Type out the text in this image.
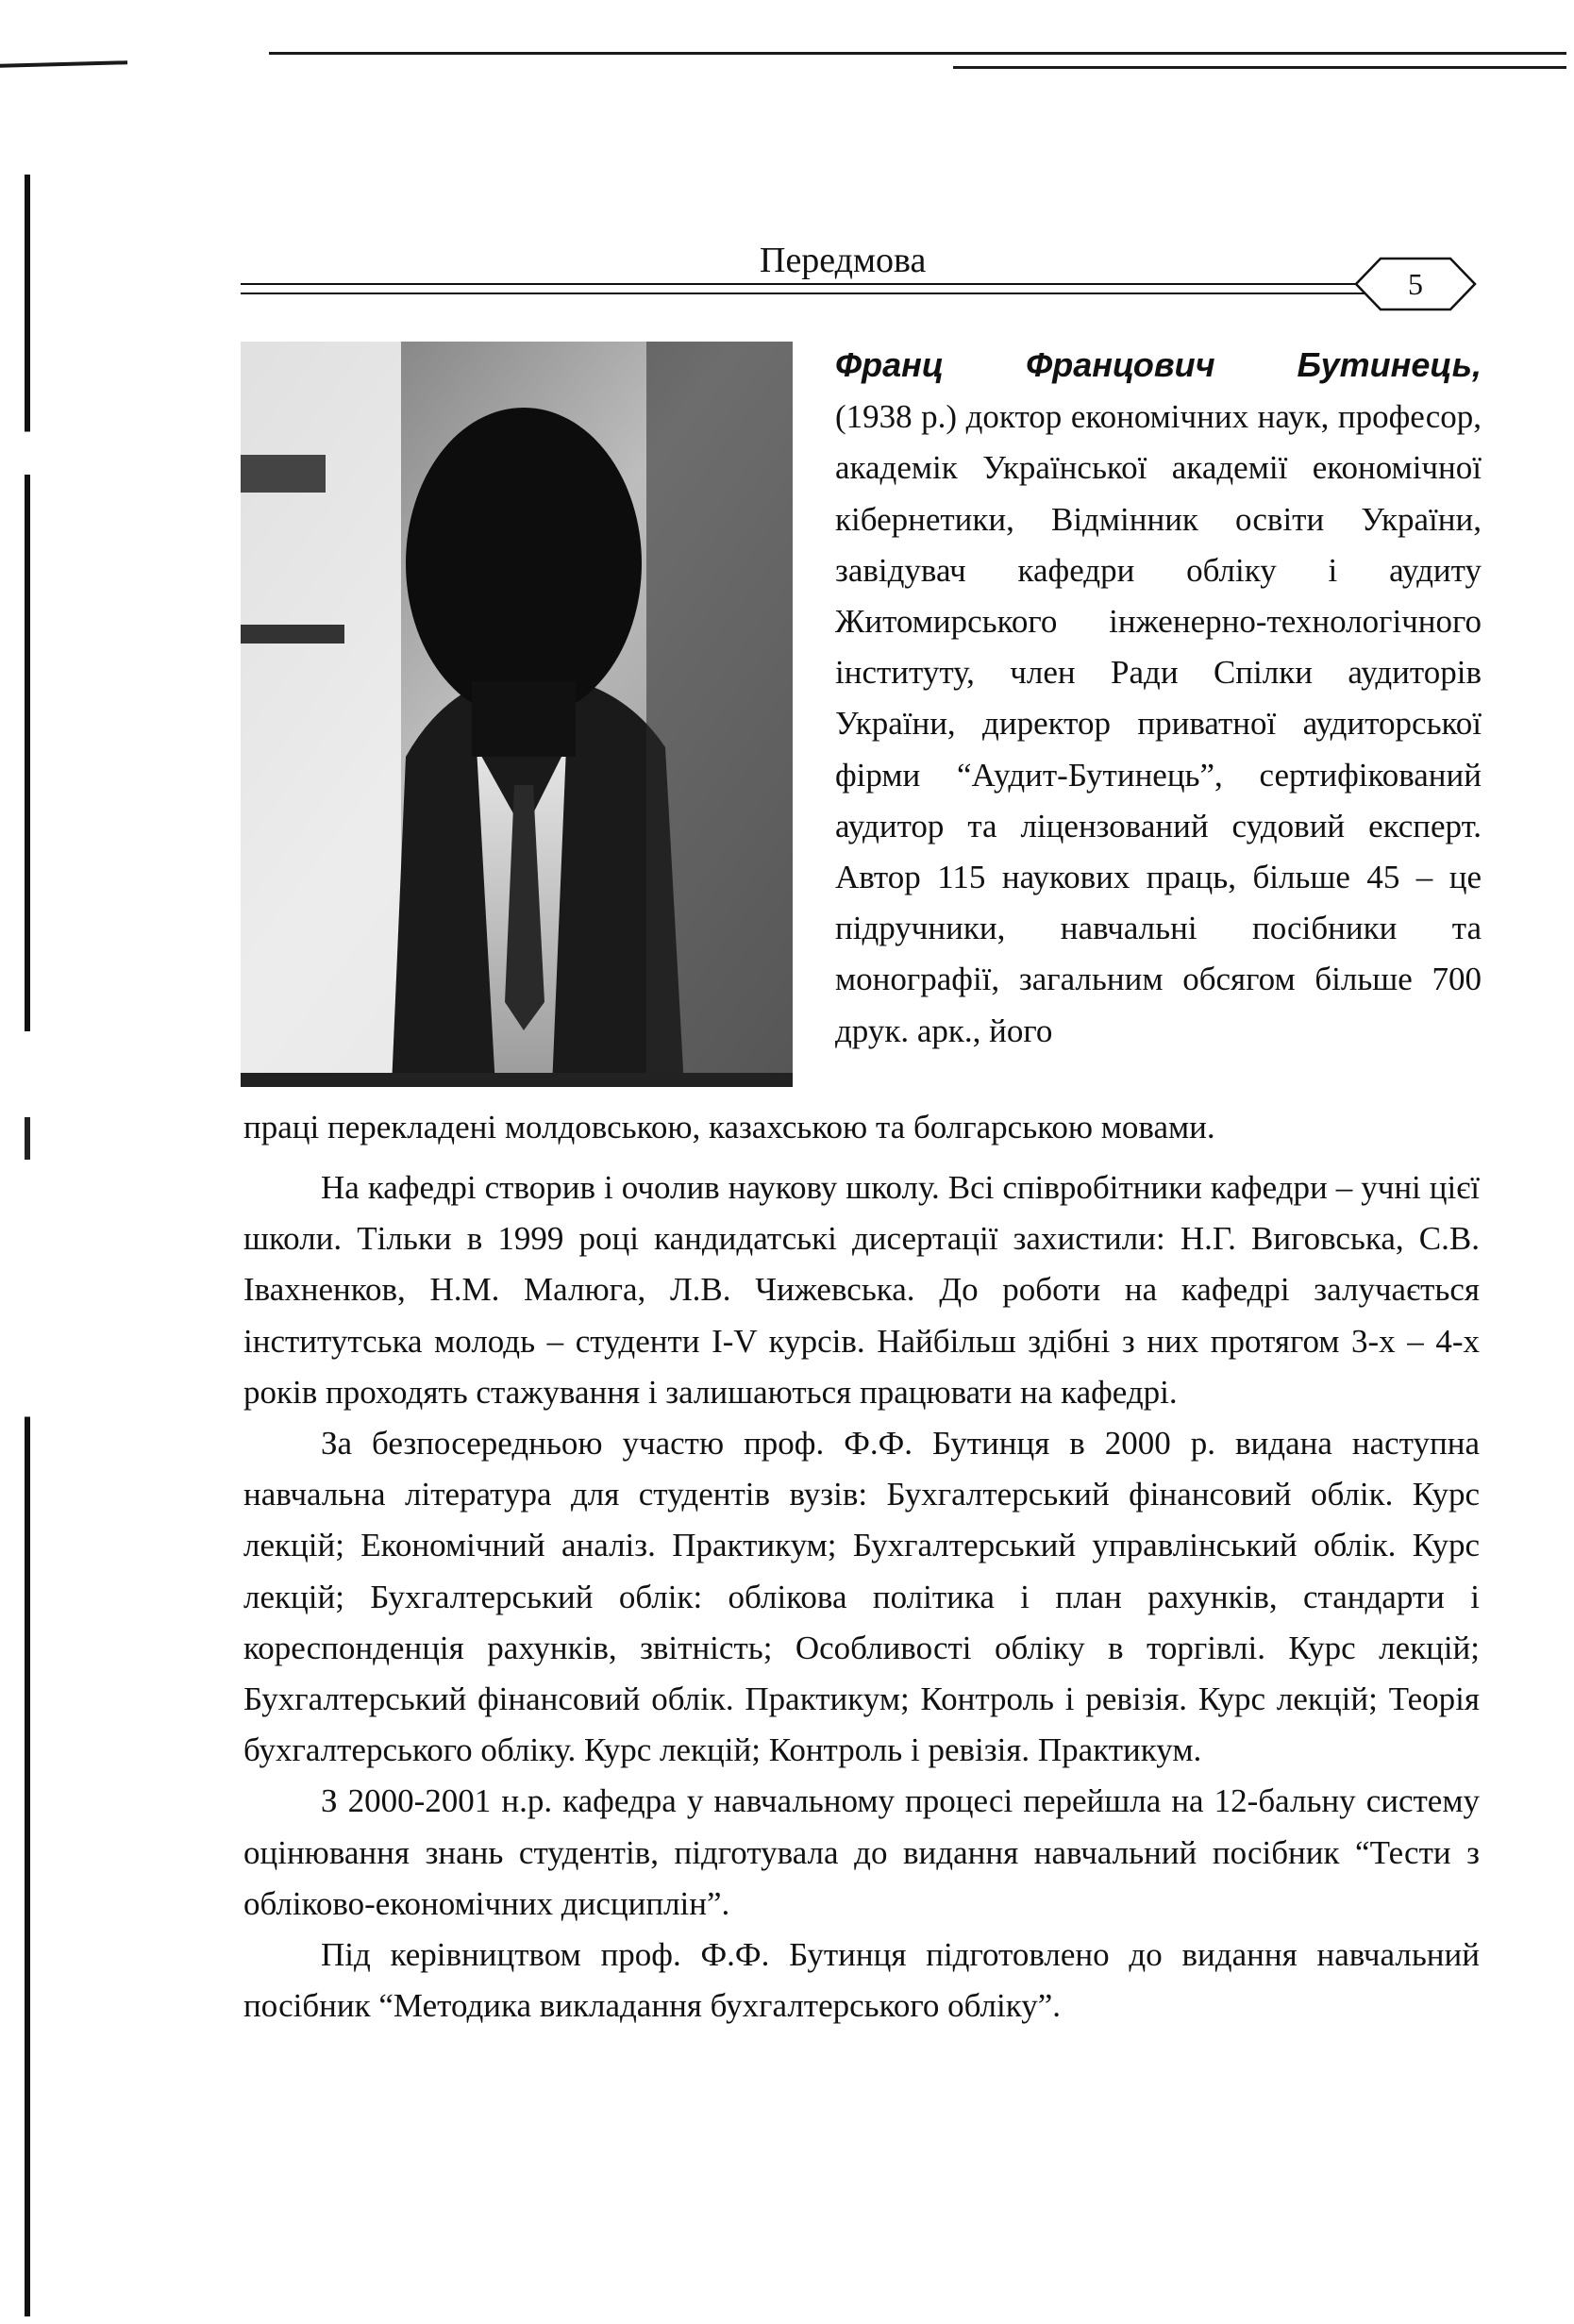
Передмова
5
Франц Францович Бутинець, (1938 р.) доктор економічних наук, професор, академік Української академії економічної кібернетики, Відмінник освіти України, завідувач кафедри обліку і аудиту Житомирського інженерно-технологічного інституту, член Ради Спілки аудиторів України, директор приватної аудиторської фірми “Аудит-Бутинець”, сертифікований аудитор та ліцензований судовий експерт. Автор 115 наукових праць, більше 45 – це підручники, навчальні посібники та монографії, загальним обсягом більше 700 друк. арк., його
праці перекладені молдовською, казахською та болгарською мовами.

На кафедрі створив і очолив наукову школу. Всі співробітники кафедри – учні цієї школи. Тільки в 1999 році кандидатські дисертації захистили: Н.Г. Виговська, С.В. Івахненков, Н.М. Малюга, Л.В. Чижевська. До роботи на кафедрі залучається інститутська молодь – студенти І-V курсів. Найбільш здібні з них протягом 3-х – 4-х років проходять стажування і залишаються працювати на кафедрі.

За безпосередньою участю проф. Ф.Ф. Бутинця в 2000 р. видана наступна навчальна література для студентів вузів: Бухгалтерський фінансовий облік. Курс лекцій; Економічний аналіз. Практикум; Бухгалтерський управлінський облік. Курс лекцій; Бухгалтерський облік: облікова політика і план рахунків, стандарти і кореспонденція рахунків, звітність; Особливості обліку в торгівлі. Курс лекцій; Бухгалтерський фінансовий облік. Практикум; Контроль і ревізія. Курс лекцій; Теорія бухгалтерського обліку. Курс лекцій; Контроль і ревізія. Практикум.

З 2000-2001 н.р. кафедра у навчальному процесі перейшла на 12-бальну систему оцінювання знань студентів, підготувала до видання навчальний посібник “Тести з обліково-економічних дисциплін”.

Під керівництвом проф. Ф.Ф. Бутинця підготовлено до видання навчальний посібник “Методика викладання бухгалтерського обліку”.
